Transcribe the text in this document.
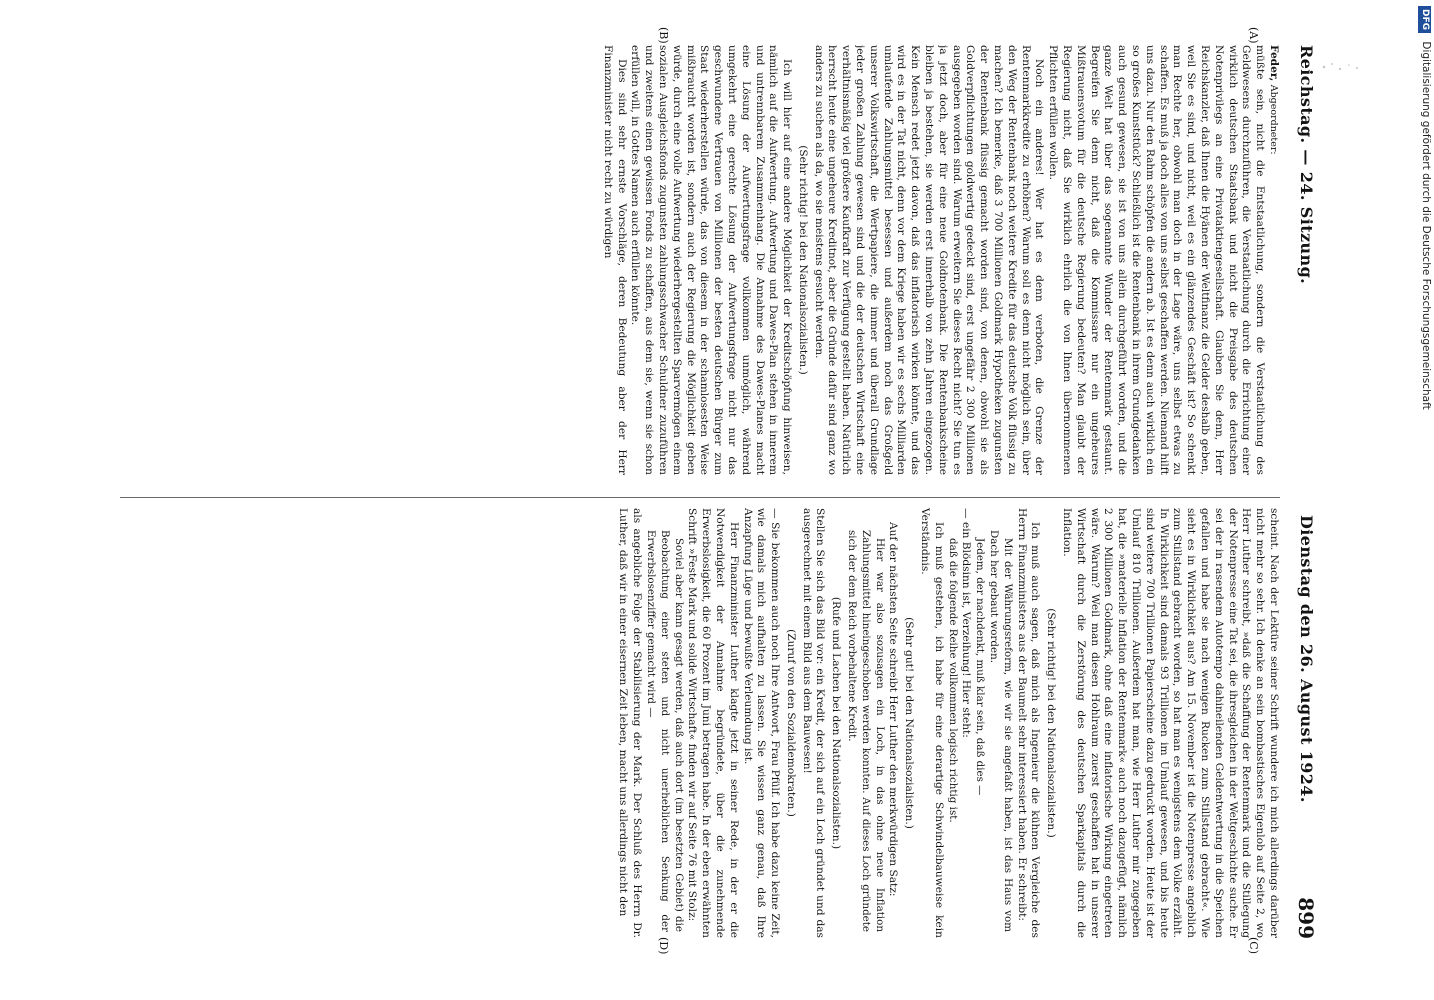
Reichstag. — 24. Sitzung.
Dienstag den 26. August 1924.
899
(A)
(B)
(C)
(D)

Feder, Abgeordneter:

müßte sein, nicht die Entstaatlichung, sondern die Verstaatlichung des Geldwesens durchzuführen, die Verstaatlichung durch die Errichtung einer wirklich deutschen Staatsbank und nicht die Preisgabe des deutschen Notenprivilegs an eine Privataktiengesellschaft. Glauben Sie denn, Herr Reichskanzler, daß Ihnen die Hyänen der Weltfinanz die Gelder deshalb geben, weil Sie es sind, und nicht, weil es ein glänzendes Geschäft ist? So schenkt man Rechte her, obwohl man doch in der Lage wäre, uns selbst etwas zu schaffen. Es muß ja doch alles von uns selbst geschaffen werden. Niemand hilft uns dazu. Nur den Rahm schöpfen die andern ab. Ist es denn auch wirklich ein so großes Kunststück? Schließlich ist die Rentenbank in ihrem Grundgedanken auch gesund gewesen, sie ist von uns allein durchgeführt worden, und die ganze Welt hat über das sogenannte Wunder der Rentenmark gestaunt. Begreifen Sie denn nicht, daß die Kommissare nur ein ungeheures Mißtrauensvotum für die deutsche Regierung bedeuten? Man glaubt der Regierung nicht, daß Sie wirklich ehrlich die von Ihnen übernommenen Pflichten erfüllen wollen.

Noch ein anderes! Wer hat es denn verboten, die Grenze der Rentenmarkkredite zu erhöhen? Warum soll es denn nicht möglich sein, über den Weg der Rentenbank noch weitere Kredite für das deutsche Volk flüssig zu machen? Ich bemerke, daß 3 700 Millionen Goldmark Hypotheken zugunsten der Rentenbank flüssig gemacht worden sind, von denen, obwohl sie als Goldverpflichtungen goldwertig gedeckt sind, erst ungefähr 2 300 Millionen ausgegeben worden sind. Warum erweitern Sie dieses Recht nicht? Sie tun es ja jetzt doch, aber für eine neue Goldnotenbank. Die Rentenbankscheine bleiben ja bestehen, sie werden erst innerhalb von zehn Jahren eingezogen. Kein Mensch redet jetzt davon, daß das inflatorisch wirken könnte, und das wird es in der Tat nicht, denn vor dem Kriege haben wir es sechs Milliarden umlaufende Zahlungsmittel besessen und außerdem noch das Großgeld unserer Volkswirtschaft, die Wertpapiere, die immer und überall Grundlage jeder großen Zahlung gewesen sind und die der deutschen Wirtschaft eine verhältnismäßig viel größere Kaufkraft zur Verfügung gestellt haben. Natürlich herrscht heute eine ungeheure Kreditnot, aber die Gründe dafür sind ganz wo anders zu suchen als da, wo sie meistens gesucht werden.

(Sehr richtig! bei den Nationalsozialisten.)

Ich will hier auf eine andere Möglichkeit der Kreditschöpfung hinweisen, nämlich auf die Aufwertung. Aufwertung und Dawes-Plan stehen in innerem und untrennbarem Zusammenhang. Die Annahme des Dawes-Planes macht eine Lösung der Aufwertungsfrage vollkommen unmöglich, während umgekehrt eine gerechte Lösung der Aufwertungsfrage nicht nur das geschwundene Vertrauen von Millionen der besten deutschen Bürger zum Staat wiederherstellen würde, das von diesem in der schamlosesten Weise mißbraucht worden ist, sondern auch der Regierung die Möglichkeit geben würde, durch eine volle Aufwertung wiederhergestellten Sparvermögen einem sozialen Ausgleichsfonds zugunsten zahlungsschwacher Schuldner zuzuführen und zweitens einen gewissen Fonds zu schaffen, aus dem sie, wenn sie schon erfüllen will, in Gottes Namen auch erfüllen könnte.

Dies sind sehr ernste Vorschläge, deren Bedeutung aber der Herr Finanzminister nicht recht zu würdigen

scheint. Nach der Lektüre seiner Schrift wundere ich mich allerdings darüber nicht mehr so sehr. Ich denke an sein bombastisches Eigenlob auf Seite 2, wo Herr Luther schreibt, »daß die Schaffung der Rentenmark und die Stillegung der Notenpresse eine Tat sei, die ihresgleichen in der Weltgeschichte suche. Er sei der in rasendem Autotempo dahineilenden Geldentwertung in die Speichen gefallen und habe sie nach wenigen Rucken zum Stillstand gebracht«. Wie sieht es in Wirklichkeit aus? Am 15. November ist die Notenpresse angeblich zum Stillstand gebracht worden, so hat man es wenigstens dem Volke erzählt. In Wirklichkeit sind damals 93 Trillionen im Umlauf gewesen, und bis heute sind weitere 700 Trillionen Papierscheine dazu gedruckt worden. Heute ist der Umlauf 810 Trillionen. Außerdem hat man, wie Herr Luther mir zugegeben hat, die »materielle Inflation der Rentenmark« auch noch dazugefügt, nämlich 2 300 Millionen Goldmark, ohne daß eine inflatorische Wirkung eingetreten wäre. Warum? Weil man diesen Hohlraum zuerst geschaffen hat in unserer Wirtschaft durch die Zerstörung des deutschen Sparkapitals durch die Inflation.

(Sehr richtig! bei den Nationalsozialisten.)

Ich muß auch sagen, daß mich als Ingenieur die kühnen Vergleiche des Herrn Finanzministers aus der Baumelt sehr interessiert haben. Er schreibt:

Mit der Währungsreform, wie wir sie angefaßt haben, ist das Haus vom Dach her gebaut worden.

Jedem, der nachdenkt, muß klar sein, daß dies —

— ein Blödsinn ist, Verzeihung! Hier steht:

daß die folgende Reihe vollkommen logisch richtig ist.

Ich muß gestehen, ich habe für eine derartige Schwindelbauweise kein Verständnis.

(Sehr gut! bei den Nationalsozialisten.)

Auf der nächsten Seite schreibt Herr Luther den merkwürdigen Satz:

Hier war also sozusagen ein Loch, in das ohne neue Inflation Zahlungsmittel hineingeschoben werden konnten. Auf dieses Loch gründete sich der dem Reich vorbehaltene Kredit.

(Rufe und Lachen bei den Nationalsozialisten.)

Stellen Sie sich das Bild vor: ein Kredit, der sich auf ein Loch gründet und das ausgerechnet mit einem Bild aus dem Bauwesen!

(Zuruf von den Sozialdemokraten.)

— Sie bekommen auch noch Ihre Antwort, Frau Pfülf. Ich habe dazu keine Zeit, wie damals mich aufhalten zu lassen. Sie wissen ganz genau, daß Ihre Anzapfung Lüge und bewußte Verleumdung ist.

Herr Finanzminister Luther klagte jetzt in seiner Rede, in der er die Notwendigkeit der Annahme begründete, über die zunehmende Erwerbslosigkeit, die 60 Prozent im Juni betragen habe. In der eben erwähnten Schrift »Feste Mark und solide Wirtschaft« finden wir auf Seite 76 mit Stolz:

Soviel aber kann gesagt werden, daß auch dort (im besetzten Gebiet) die Beobachtung einer steten und nicht unerheblichen Senkung der Erwerbslosenziffer gemacht wird —

als angebliche Folge der Stabilisierung der Mark. Der Schluß des Herrn Dr. Luther, daß wir in einer eisernen Zeit leben, macht uns allerdings nicht den

DFG Digitalisierung gefördert durch die Deutsche Forschungsgemeinschaft
